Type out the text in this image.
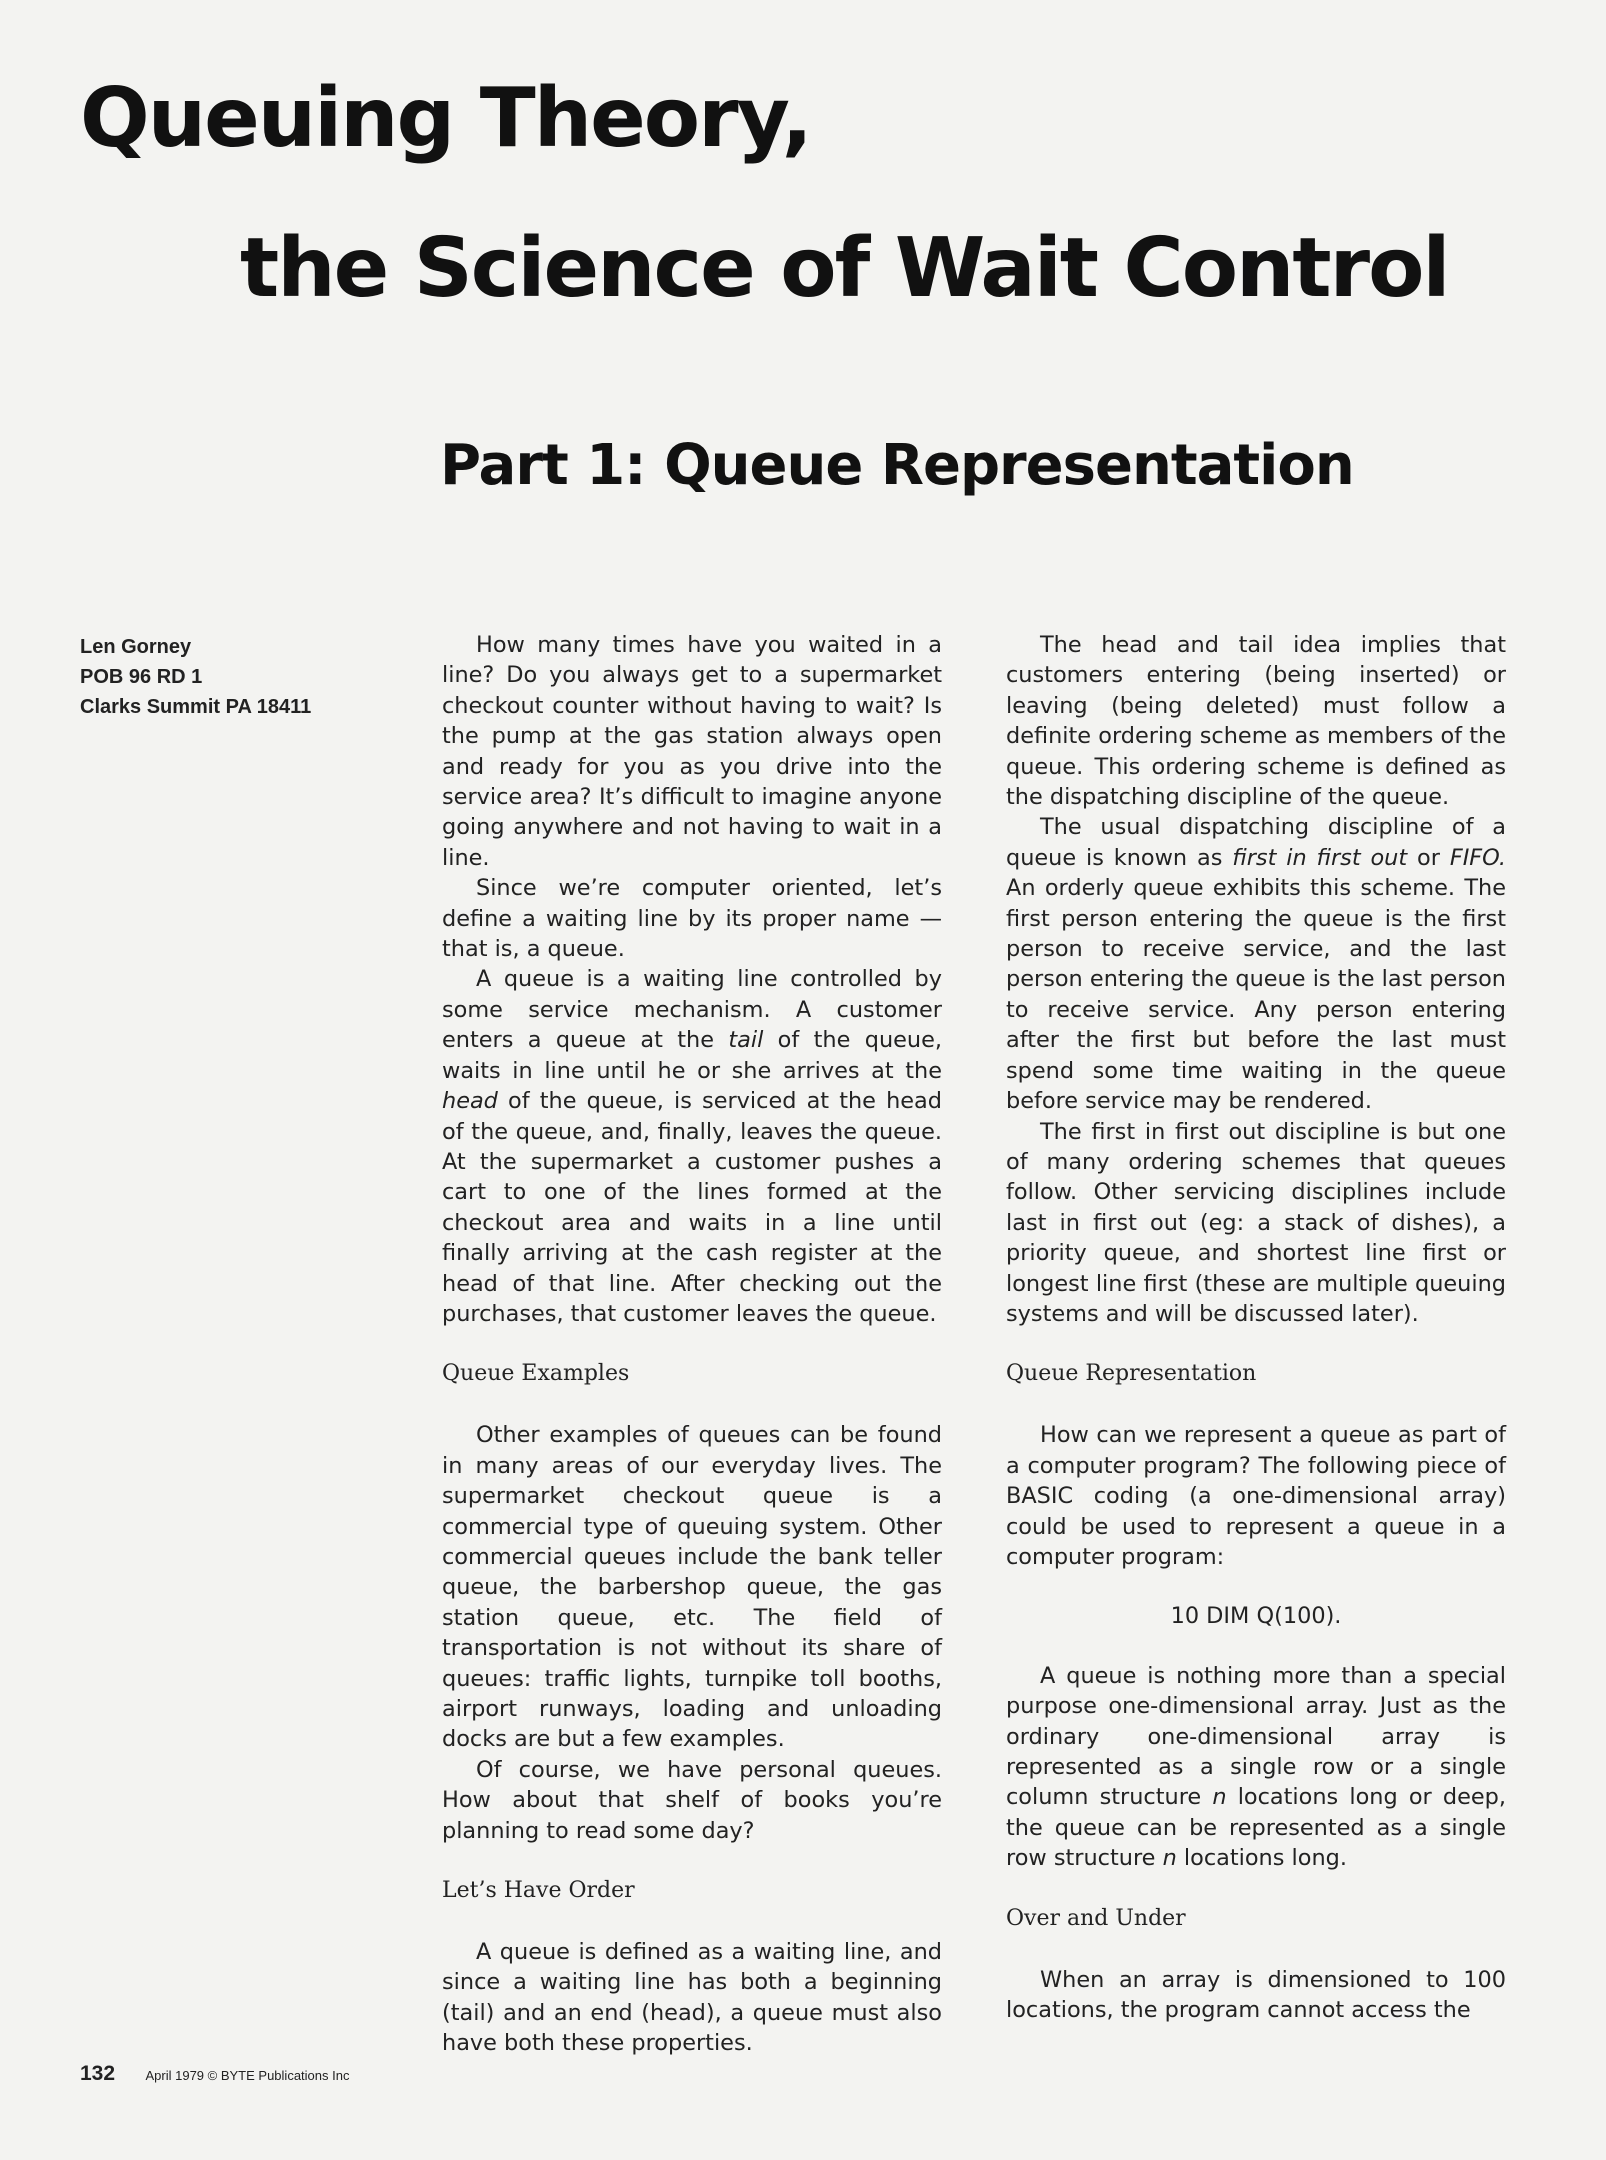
Queuing Theory,
the Science of Wait Control
Part 1: Queue Representation
Len Gorney
POB 96 RD 1
Clarks Summit PA 18411

How many times have you waited in a line? Do you always get to a supermarket checkout counter without having to wait? Is the pump at the gas station always open and ready for you as you drive into the service area? It’s difficult to imagine anyone going anywhere and not having to wait in a line.

Since we’re computer oriented, let’s define a waiting line by its proper name — that is, a queue.

A queue is a waiting line controlled by some service mechanism. A customer enters a queue at the tail of the queue, waits in line until he or she arrives at the head of the queue, is serviced at the head of the queue, and, finally, leaves the queue. At the supermarket a customer pushes a cart to one of the lines formed at the checkout area and waits in a line until finally arriving at the cash register at the head of that line. After checking out the purchases, that customer leaves the queue.

Queue Examples

Other examples of queues can be found in many areas of our everyday lives. The supermarket checkout queue is a commercial type of queuing system. Other commercial queues include the bank teller queue, the barbershop queue, the gas station queue, etc. The field of transportation is not without its share of queues: traffic lights, turnpike toll booths, airport runways, loading and unloading docks are but a few examples.

Of course, we have personal queues. How about that shelf of books you’re planning to read some day?

Let’s Have Order

A queue is defined as a waiting line, and since a waiting line has both a beginning (tail) and an end (head), a queue must also have both these properties.

The head and tail idea implies that customers entering (being inserted) or leaving (being deleted) must follow a definite ordering scheme as members of the queue. This ordering scheme is defined as the dispatching discipline of the queue.

The usual dispatching discipline of a queue is known as first in first out or FIFO. An orderly queue exhibits this scheme. The first person entering the queue is the first person to receive service, and the last person entering the queue is the last person to receive service. Any person entering after the first but before the last must spend some time waiting in the queue before service may be rendered.

The first in first out discipline is but one of many ordering schemes that queues follow. Other servicing disciplines include last in first out (eg: a stack of dishes), a priority queue, and shortest line first or longest line first (these are multiple queuing systems and will be discussed later).

Queue Representation

How can we represent a queue as part of a computer program? The following piece of BASIC coding (a one-dimensional array) could be used to represent a queue in a computer program:

10 DIM Q(100).

A queue is nothing more than a special purpose one-dimensional array. Just as the ordinary one-dimensional array is represented as a single row or a single column structure n locations long or deep, the queue can be represented as a single row structure n locations long.

Over and Under

When an array is dimensioned to 100 locations, the program cannot access the

132 April 1979 © BYTE Publications Inc
